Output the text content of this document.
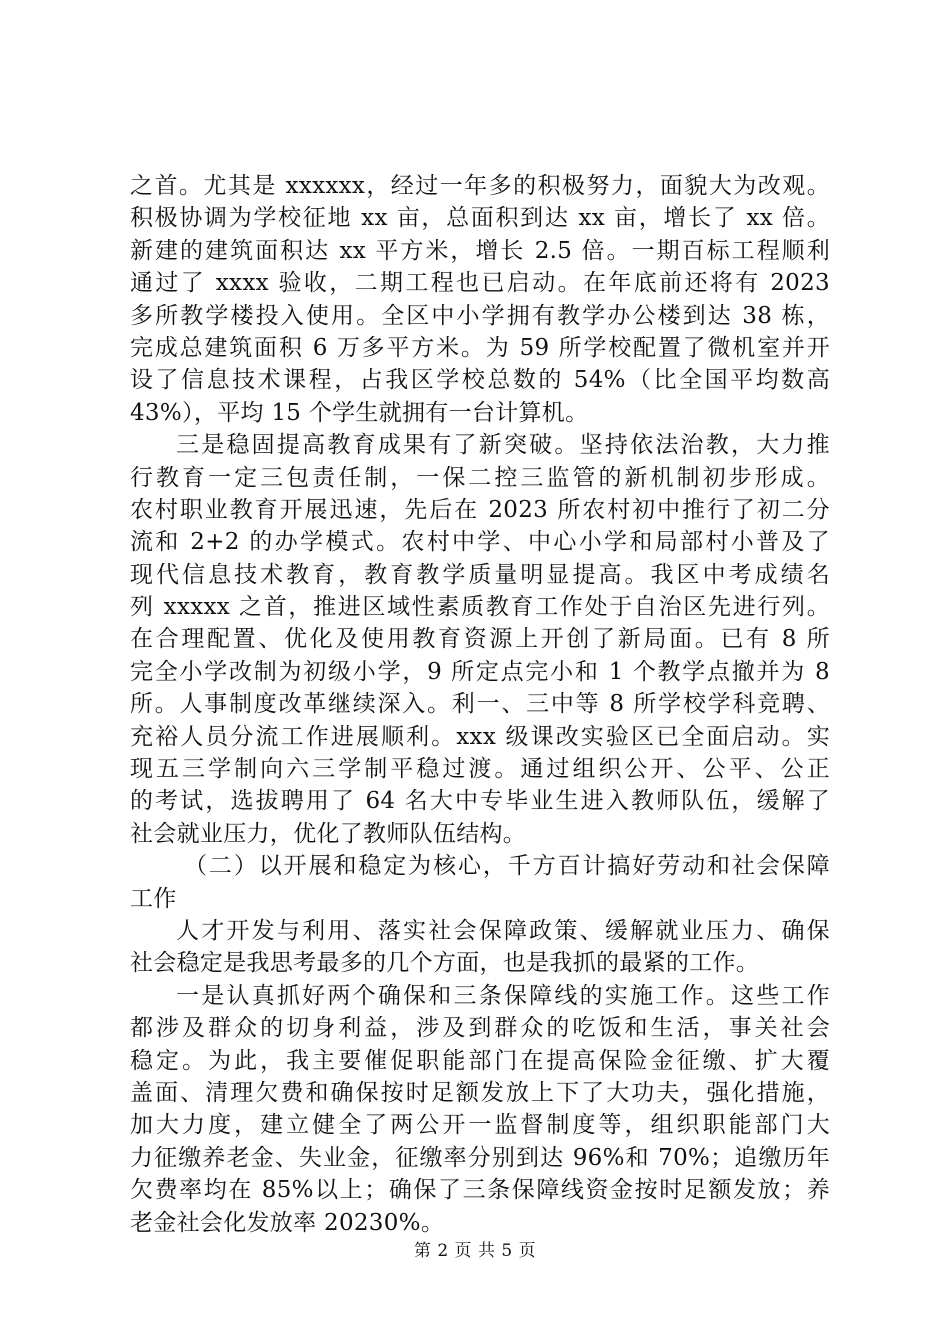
之首。尤其是 xxxxxx，经过一年多的积极努力，面貌大为改观。
积极协调为学校征地 xx 亩，总面积到达 xx 亩，增长了 xx 倍。
新建的建筑面积达 xx 平方米，增长 2.5 倍。一期百标工程顺利
通过了 xxxx 验收，二期工程也已启动。在年底前还将有 2023
多所教学楼投入使用。全区中小学拥有教学办公楼到达 38 栋，
完成总建筑面积 6 万多平方米。为 59 所学校配置了微机室并开
设了信息技术课程，占我区学校总数的 54%（比全国平均数高
43%），平均 15 个学生就拥有一台计算机。
三是稳固提高教育成果有了新突破。坚持依法治教，大力推
行教育一定三包责任制，一保二控三监管的新机制初步形成。
农村职业教育开展迅速，先后在 2023 所农村初中推行了初二分
流和 2+2 的办学模式。农村中学、中心小学和局部村小普及了
现代信息技术教育，教育教学质量明显提高。我区中考成绩名
列 xxxxx 之首，推进区域性素质教育工作处于自治区先进行列。
在合理配置、优化及使用教育资源上开创了新局面。已有 8 所
完全小学改制为初级小学，9 所定点完小和 1 个教学点撤并为 8
所。人事制度改革继续深入。利一、三中等 8 所学校学科竞聘、
充裕人员分流工作进展顺利。xxx 级课改实验区已全面启动。实
现五三学制向六三学制平稳过渡。通过组织公开、公平、公正
的考试，选拔聘用了 64 名大中专毕业生进入教师队伍，缓解了
社会就业压力，优化了教师队伍结构。
（二）以开展和稳定为核心，千方百计搞好劳动和社会保障
工作
人才开发与利用、落实社会保障政策、缓解就业压力、确保
社会稳定是我思考最多的几个方面，也是我抓的最紧的工作。
一是认真抓好两个确保和三条保障线的实施工作。这些工作
都涉及群众的切身利益，涉及到群众的吃饭和生活，事关社会
稳定。为此，我主要催促职能部门在提高保险金征缴、扩大覆
盖面、清理欠费和确保按时足额发放上下了大功夫，强化措施，
加大力度，建立健全了两公开一监督制度等，组织职能部门大
力征缴养老金、失业金，征缴率分别到达 96%和 70%；追缴历年
欠费率均在 85%以上；确保了三条保障线资金按时足额发放；养
老金社会化发放率 20230%。
第 2 页 共 5 页
